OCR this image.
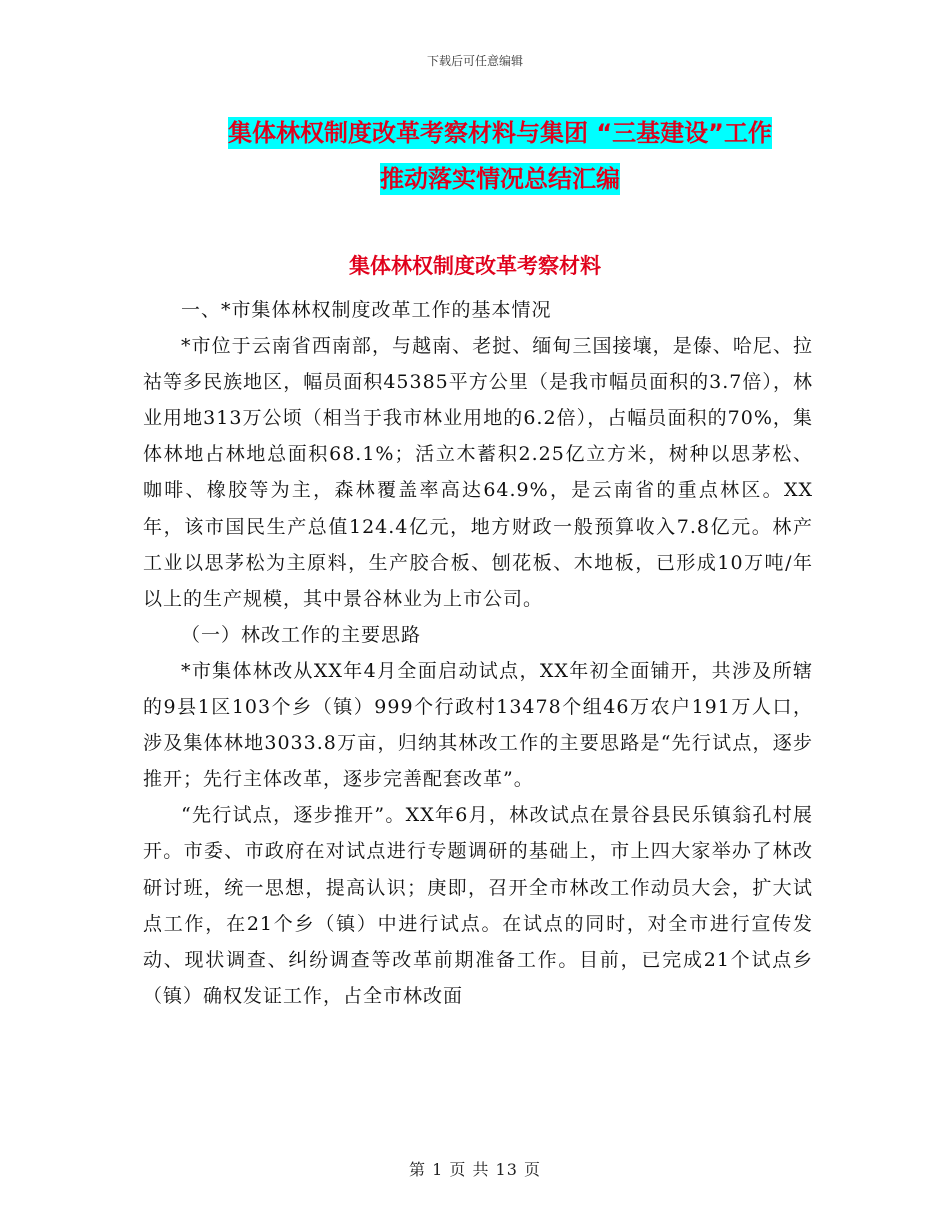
下载后可任意编辑
集体林权制度改革考察材料与集团 “三基建设”工作
推动落实情况总结汇编
集体林权制度改革考察材料

一、*市集体林权制度改革工作的基本情况

*市位于云南省西南部，与越南、老挝、缅甸三国接壤，是傣、哈尼、拉祜等多民族地区，幅员面积45385平方公里（是我市幅员面积的3.7倍），林业用地313万公顷（相当于我市林业用地的6.2倍），占幅员面积的70%，集体林地占林地总面积68.1%；活立木蓄积2.25亿立方米，树种以思茅松、咖啡、橡胶等为主，森林覆盖率高达64.9%，是云南省的重点林区。XX年，该市国民生产总值124.4亿元，地方财政一般预算收入7.8亿元。林产工业以思茅松为主原料，生产胶合板、刨花板、木地板，已形成10万吨/年以上的生产规模，其中景谷林业为上市公司。

（一）林改工作的主要思路

*市集体林改从XX年4月全面启动试点，XX年初全面铺开，共涉及所辖的9县1区103个乡（镇）999个行政村13478个组46万农户191万人口，涉及集体林地3033.8万亩，归纳其林改工作的主要思路是“先行试点，逐步推开；先行主体改革，逐步完善配套改革”。

“先行试点，逐步推开”。XX年6月，林改试点在景谷县民乐镇翁孔村展开。市委、市政府在对试点进行专题调研的基础上，市上四大家举办了林改研讨班，统一思想，提高认识；庚即，召开全市林改工作动员大会，扩大试点工作，在21个乡（镇）中进行试点。在试点的同时，对全市进行宣传发动、现状调查、纠纷调查等改革前期准备工作。目前，已完成21个试点乡（镇）确权发证工作，占全市林改面

第 1 页 共 13 页
